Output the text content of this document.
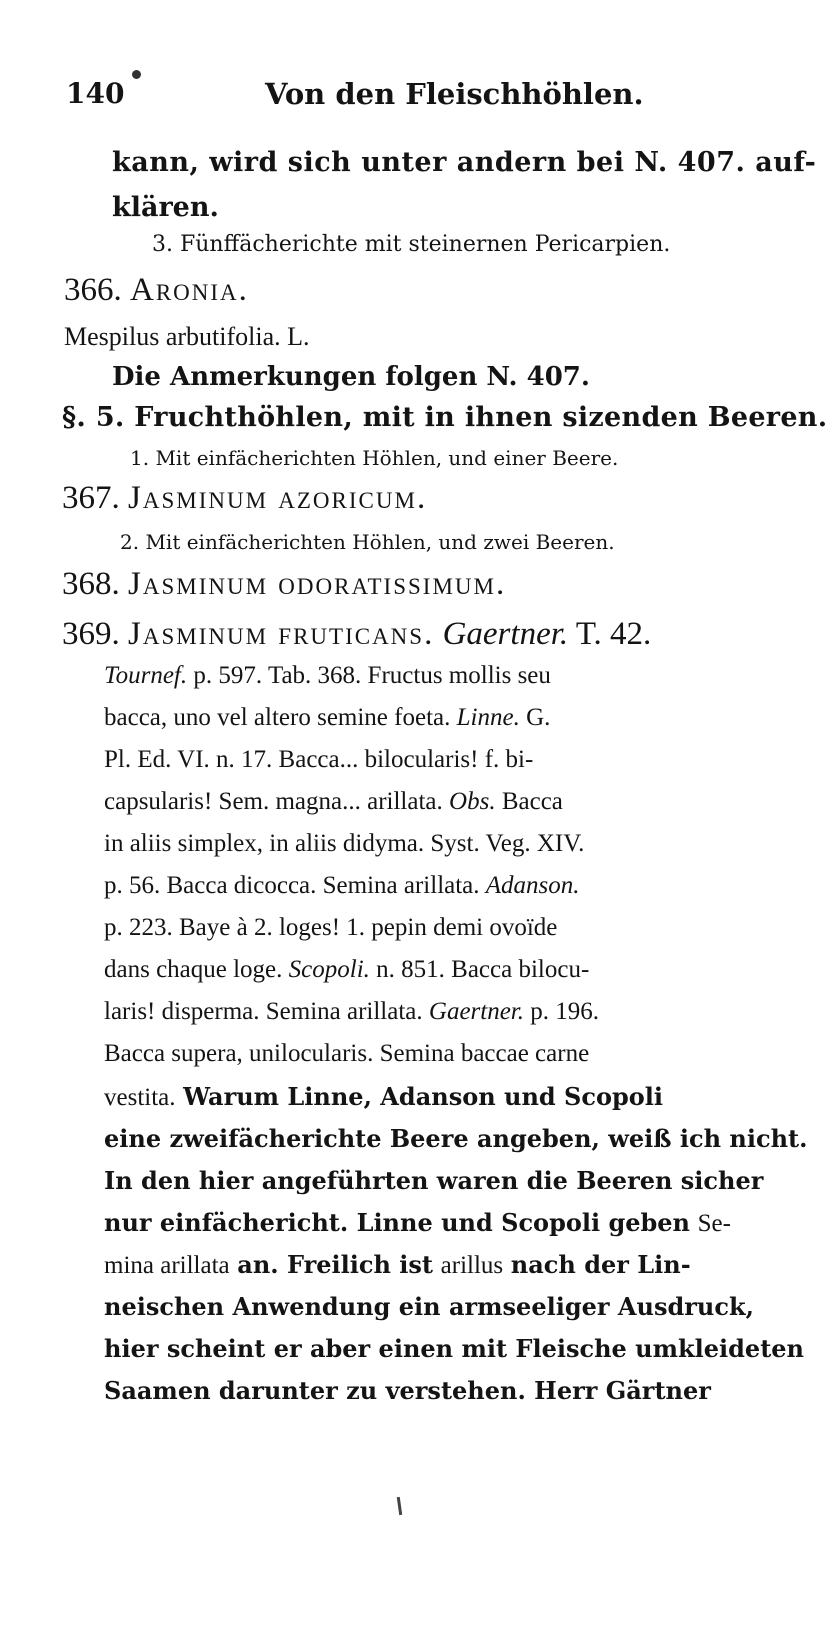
140	Von den Fleischhöhlen.
kann, wird sich unter andern bei N. 407. auf-
klären.
3. Fünffächerichte mit steinernen Pericarpien.
366. Aronia.
Mespilus arbutifolia. L.
Die Anmerkungen folgen N. 407.
§. 5. Fruchthöhlen, mit in ihnen sizenden Beeren.
1. Mit einfächerichten Höhlen, und einer Beere.
367. Jasminum azoricum.
2. Mit einfächerichten Höhlen, und zwei Beeren.
368. Jasminum odoratissimum.
369. Jasminum fruticans. Gaertner. T. 42.
Tournef. p. 597. Tab. 368. Fructus mollis seu
bacca, uno vel altero semine foeta. Linne. G.
Pl. Ed. VI. n. 17. Bacca... bilocularis! f. bi-
capsularis! Sem. magna... arillata. Obs. Bacca
in aliis simplex, in aliis didyma. Syst. Veg. XIV.
p. 56. Bacca dicocca. Semina arillata. Adanson.
p. 223. Baye à 2. loges! 1. pepin demi ovoïde
dans chaque loge. Scopoli. n. 851. Bacca bilocu-
laris! disperma. Semina arillata. Gaertner. p. 196.
Bacca supera, unilocularis. Semina baccae carne
vestita. Warum Linne, Adanson und Scopoli
eine zweifächerichte Beere angeben, weiß ich nicht.
In den hier angeführten waren die Beeren sicher
nur einfächericht. Linne und Scopoli geben Se-
mina arillata an. Freilich ist arillus nach der Lin-
neischen Anwendung ein armseeliger Ausdruck,
hier scheint er aber einen mit Fleische umkleideten
Saamen darunter zu verstehen. Herr Gärtner
